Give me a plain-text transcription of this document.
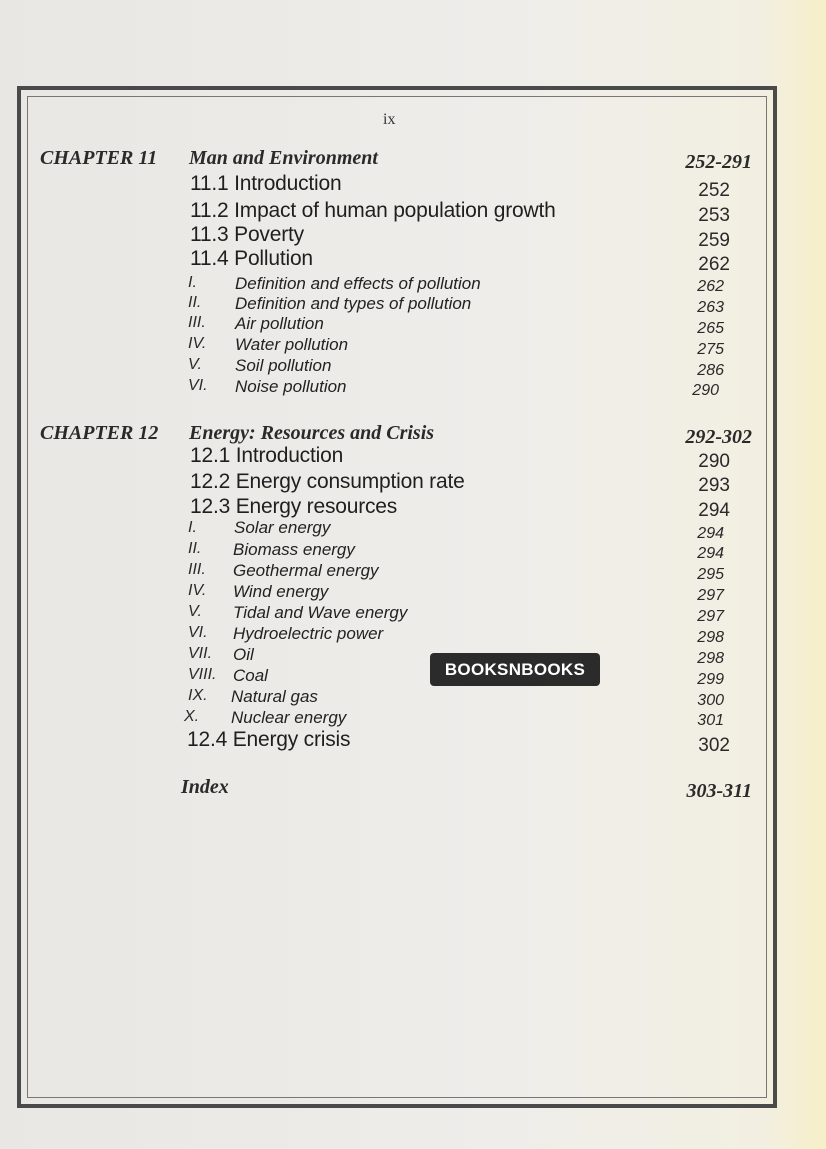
ix
CHAPTER 11 Man and Environment	252-291
11.1 Introduction	252
11.2 Impact of human population growth	253
11.3 Poverty	259
11.4 Pollution	262
I. Definition and effects of pollution	262
II. Definition and types of pollution	263
III. Air pollution	265
IV. Water pollution	275
V. Soil pollution	286
VI. Noise pollution	290
CHAPTER 12 Energy: Resources and Crisis	292-302
12.1 Introduction	290
12.2 Energy consumption rate	293
12.3 Energy resources	294
I. Solar energy	294
II. Biomass energy	294
III. Geothermal energy	295
IV. Wind energy	297
V. Tidal and Wave energy	297
VI. Hydroelectric power	298
VII. Oil	298
VIII. Coal	299
IX. Natural gas	300
X. Nuclear energy	301
12.4 Energy crisis	302
Index	303-311
BOOKSNBOOKS
